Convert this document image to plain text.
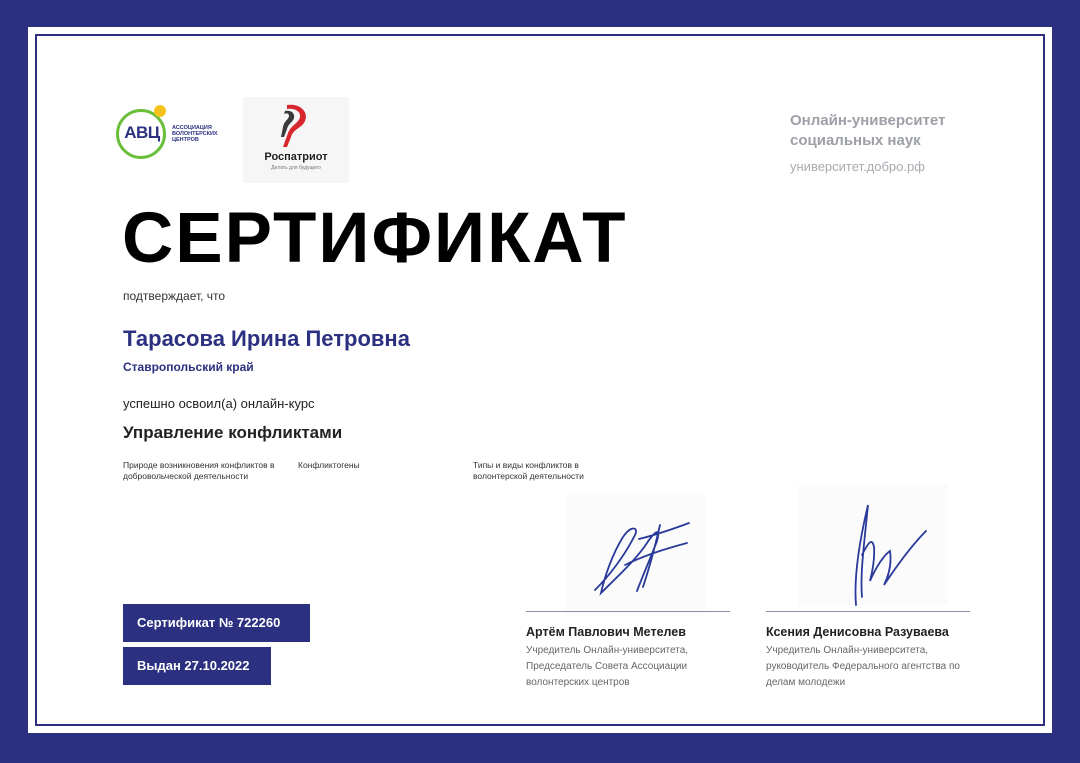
АВЦ	АССОЦИАЦИЯ ВОЛОНТЕРСКИХ ЦЕНТРОВ
Роспатриот
Делать для будущего
Онлайн-университет социальных наук
университет.добро.рф
СЕРТИФИКАТ
подтверждает, что
Тарасова Ирина Петровна
Ставропольский край
успешно освоил(а) онлайн-курс
Управление конфликтами
Природе возникновения конфликтов в добровольческой деятельности
Конфликтогены	Типы и виды конфликтов в волонтерской деятельности
Сертификат № 722260
Выдан 27.10.2022
Артём Павлович Метелев
Учредитель Онлайн-университета, Председатель Совета Ассоциации волонтерских центров
Ксения Денисовна Разуваева
Учредитель Онлайн-университета, руководитель Федерального агентства по делам молодежи
